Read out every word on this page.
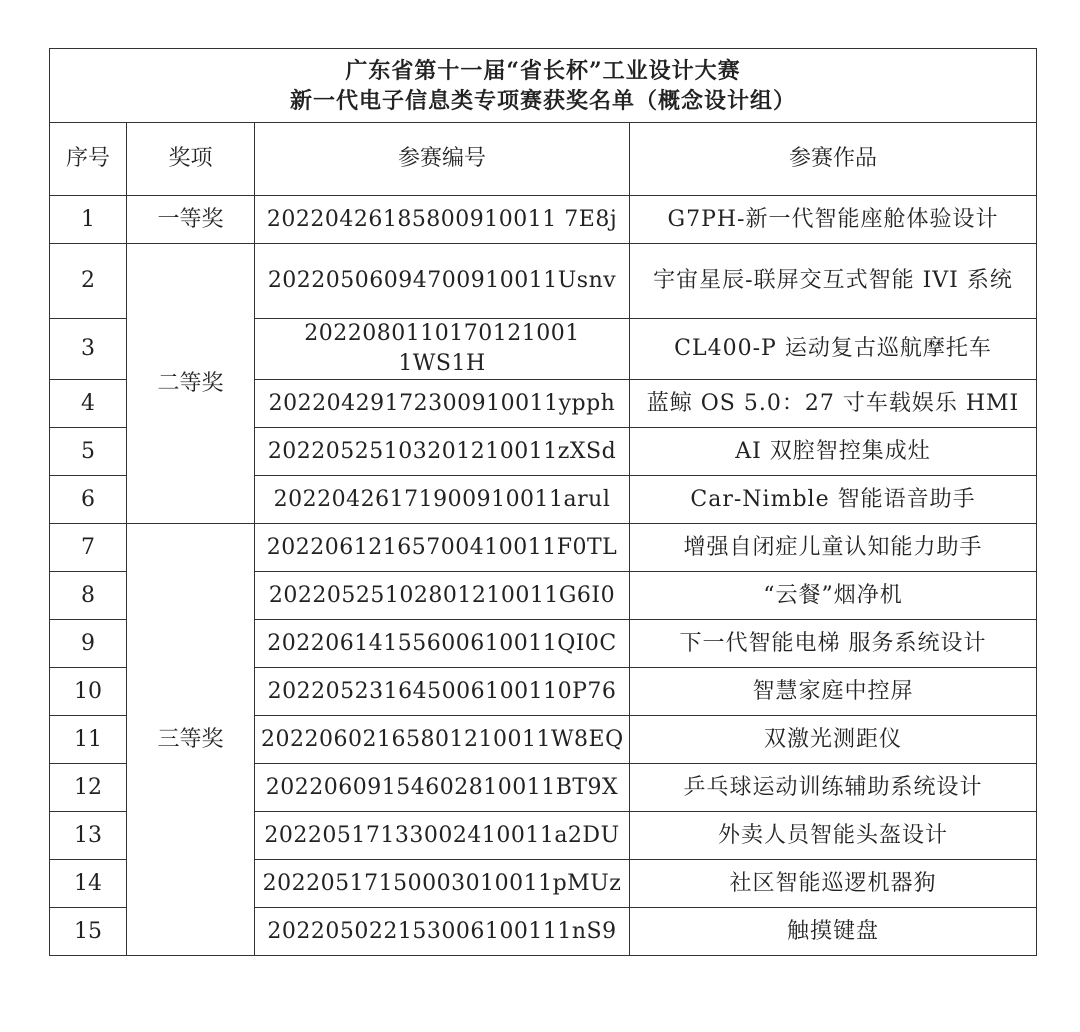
广东省第十一届“省长杯”工业设计大赛
新一代电子信息类专项赛获奖名单（概念设计组）			

序号	奖项	参赛编号	参赛作品
1	一等奖	20220426185800910011 7E8j	G7PH-新一代智能座舱体验设计
2	二等奖	20220506094700910011Usnv	宇宙星辰-联屏交互式智能 IVI 系统
3		2022080110170121001 1WS1H	CL400-P 运动复古巡航摩托车
4		20220429172300910011ypph	蓝鲸 OS 5.0：27 寸车载娱乐 HMI
5		20220525103201210011zXSd	AI 双腔智控集成灶
6		20220426171900910011arul	Car-Nimble 智能语音助手
7	三等奖	20220612165700410011F0TL	增强自闭症儿童认知能力助手
8		20220525102801210011G6I0	“云餐”烟净机
9		20220614155600610011QI0C	下一代智能电梯 服务系统设计
10		202205231645006100110P76	智慧家庭中控屏
11		20220602165801210011W8EQ	双激光测距仪
12		20220609154602810011BT9X	乒乓球运动训练辅助系统设计
13		20220517133002410011a2DU	外卖人员智能头盔设计
14		20220517150003010011pMUz	社区智能巡逻机器狗
15		202205022153006100111nS9	触摸键盘
